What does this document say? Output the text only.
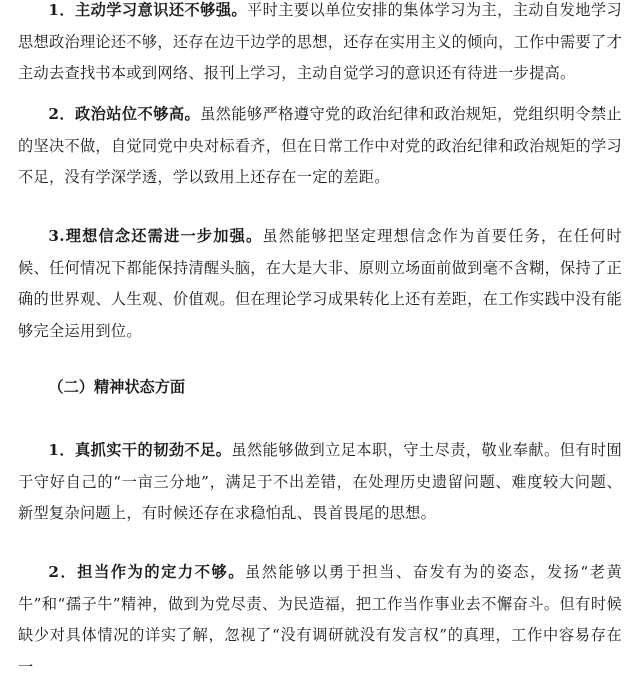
1．主动学习意识还不够强。平时主要以单位安排的集体学习为主，主动自发地学习思想政治理论还不够，还存在边干边学的思想，还存在实用主义的倾向，工作中需要了才主动去查找书本或到网络、报刊上学习，主动自觉学习的意识还有待进一步提高。

2．政治站位不够高。虽然能够严格遵守党的政治纪律和政治规矩，党组织明令禁止的坚决不做，自觉同党中央对标看齐，但在日常工作中对党的政治纪律和政治规矩的学习不足，没有学深学透，学以致用上还存在一定的差距。

3.理想信念还需进一步加强。虽然能够把坚定理想信念作为首要任务，在任何时候、任何情况下都能保持清醒头脑，在大是大非、原则立场面前做到毫不含糊，保持了正确的世界观、人生观、价值观。但在理论学习成果转化上还有差距，在工作实践中没有能够完全运用到位。

（二）精神状态方面

1．真抓实干的韧劲不足。虽然能够做到立足本职，守土尽责，敬业奉献。但有时囿于守好自己的“一亩三分地”，满足于不出差错，在处理历史遗留问题、难度较大问题、新型复杂问题上，有时候还存在求稳怕乱、畏首畏尾的思想。

2．担当作为的定力不够。虽然能够以勇于担当、奋发有为的姿态，发扬“老黄牛”和“孺子牛”精神，做到为党尽责、为民造福，把工作当作事业去不懈奋斗。但有时候缺少对具体情况的详实了解，忽视了“没有调研就没有发言权”的真理，工作中容易存在一
